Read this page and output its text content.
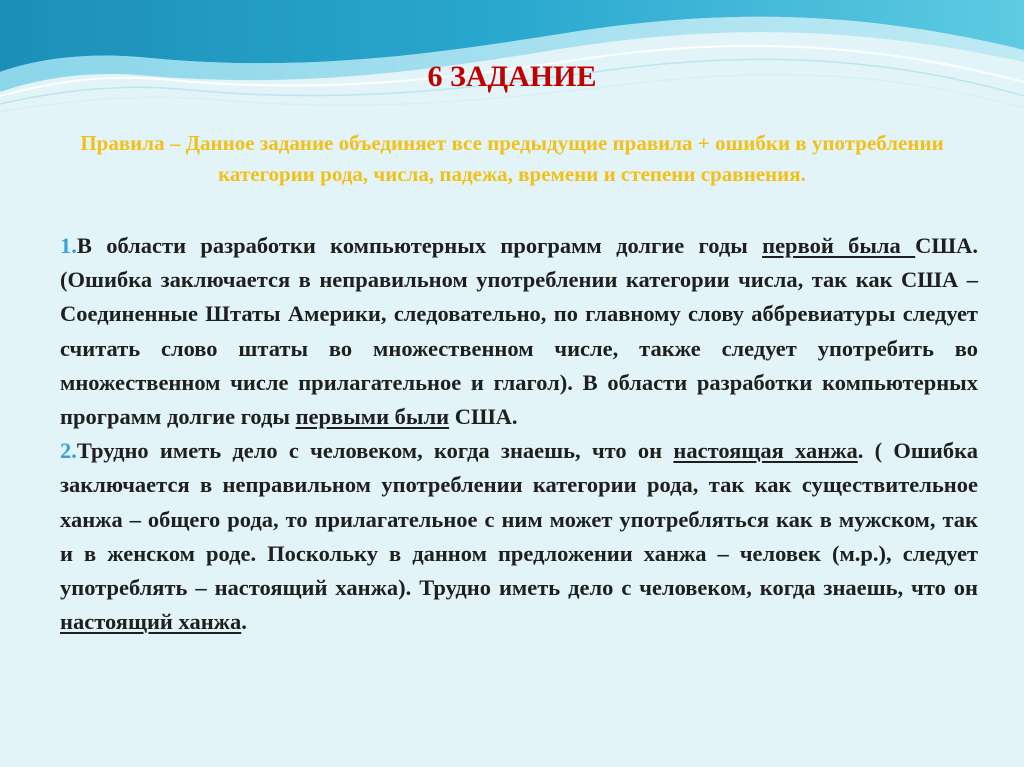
6 ЗАДАНИЕ

Правила – Данное задание объединяет все предыдущие правила + ошибки в употреблении категории рода, числа, падежа, времени и степени сравнения.

1.В области разработки компьютерных программ долгие годы первой была США. (Ошибка заключается в неправильном употреблении категории числа, так как США – Соединенные Штаты Америки, следовательно, по главному слову аббревиатуры следует считать слово штаты во множественном числе, также следует употребить во множественном числе прилагательное и глагол). В области разработки компьютерных программ долгие годы первыми были США.

2.Трудно иметь дело с человеком, когда знаешь, что он настоящая ханжа. ( Ошибка заключается в неправильном употреблении категории рода, так как существительное ханжа – общего рода, то прилагательное с ним может употребляться как в мужском, так и в женском роде. Поскольку в данном предложении ханжа – человек (м.р.), следует употреблять – настоящий ханжа). Трудно иметь дело с человеком, когда знаешь, что он настоящий ханжа.
